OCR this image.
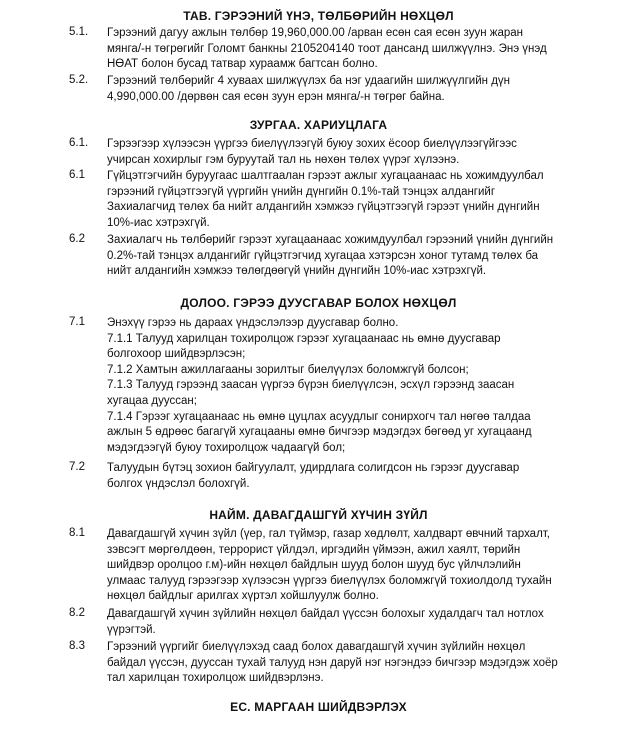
ТАВ. ГЭРЭЭНИЙ ҮНЭ, ТӨЛБӨРИЙН НӨХЦӨЛ
5.1.	Гэрээний дагуу ажлын төлбөр 19,960,000.00 /арван есөн сая есөн зуун жаран
мянга/-н төгрөгийг Голомт банкны 2105204140 тоот дансанд шилжүүлнэ. Энэ үнэд
НӨАТ болон бусад татвар хураамж багтсан болно.
5.2.	Гэрээний төлбөрийг 4 хуваах шилжүүлэх ба нэг удаагийн шилжүүлгийн дүн
4,990,000.00 /дөрвөн сая есөн зуун ерэн мянга/-н төгрөг байна.
ЗУРГАА. ХАРИУЦЛАГА
6.1.	Гэрээгээр хүлээсэн үүргээ биелүүлээгүй буюу зохих ёсоор биелүүлээгүйгээс
учирсан хохирлыг гэм буруутай тал нь нөхөн төлөх үүрэг хүлээнэ.
6.1	Гүйцэтгэгчийн буруугаас шалтгаалан гэрээт ажлыг хугацаанаас нь хожимдуулбал
гэрээний гүйцэтгээгүй үүргийн үнийн дүнгийн 0.1%-тай тэнцэх алдангийг
Захиалагчид төлөх ба нийт алдангийн хэмжээ гүйцэтгээгүй гэрээт үнийн дүнгийн
10%-иас хэтрэхгүй.
6.2	Захиалагч нь төлбөрийг гэрээт хугацаанаас хожимдуулбал гэрээний үнийн дүнгийн
0.2%-тай тэнцэх алдангийг гүйцэтгэгчид хугацаа хэтэрсэн хоног тутамд төлөх ба
нийт алдангийн хэмжээ төлөгдөөгүй үнийн дүнгийн 10%-иас хэтрэхгүй.
ДОЛОО. ГЭРЭЭ ДУУСГАВАР БОЛОХ НӨХЦӨЛ
7.1	Энэхүү гэрээ нь дараах үндэслэлээр дуусгавар болно.
7.1.1 Талууд харилцан тохиролцож гэрээг хугацаанаас нь өмнө дуусгавар
болгохоор шийдвэрлэсэн;
7.1.2 Хамтын ажиллагааны зорилтыг биелүүлэх боломжгүй болсон;
7.1.3 Талууд гэрээнд заасан үүргээ бүрэн биелүүлсэн, эсхүл гэрээнд заасан
хугацаа дууссан;
7.1.4 Гэрээг хугацаанаас нь өмнө цуцлах асуудлыг сонирхогч тал нөгөө талдаа
ажлын 5 өдрөөс багагүй хугацааны өмнө бичгээр мэдэгдэх бөгөөд уг хугацаанд
мэдэгдээгүй буюу тохиролцож чадаагүй бол;
7.2	Талуудын бүтэц зохион байгуулалт, удирдлага солигдсон нь гэрээг дуусгавар
болгох үндэслэл болохгүй.
НАЙМ. ДАВАГДАШГҮЙ ХҮЧИН ЗҮЙЛ
8.1	Давагдашгүй хүчин зүйл (үер, гал түймэр, газар хөдлөлт, халдварт өвчний тархалт,
зэвсэгт мөргөлдөөн, террорист үйлдэл, иргэдийн үймээн, ажил хаялт, төрийн
шийдвэр оролцоо г.м)-ийн нөхцөл байдлын шууд болон шууд бус үйлчлэлийн
улмаас талууд гэрээгээр хүлээсэн үүргээ биелүүлэх боломжгүй тохиолдолд тухайн
нөхцөл байдлыг арилгах хүртэл хойшлуулж болно.
8.2	Давагдашгүй хүчин зүйлийн нөхцөл байдал үүссэн болохыг худалдагч тал нотлох
үүрэгтэй.
8.3	Гэрээний үүргийг биелүүлэхэд саад болох давагдашгүй хүчин зүйлийн нөхцөл
байдал үүссэн, дууссан тухай талууд нэн даруй нэг нэгэндээ бичгээр мэдэгдэж хоёр
тал харилцан тохиролцож шийдвэрлэнэ.
ЕС. МАРГААН ШИЙДВЭРЛЭХ
